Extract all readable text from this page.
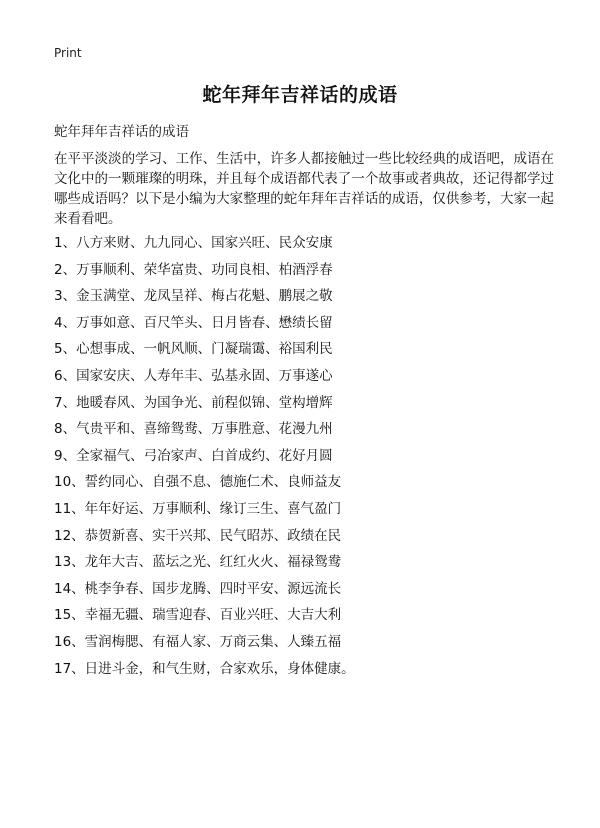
Print
蛇年拜年吉祥话的成语

蛇年拜年吉祥话的成语

在平平淡淡的学习、工作、生活中，许多人都接触过一些比较经典的成语吧，成语在文化中的一颗璀璨的明珠，并且每个成语都代表了一个故事或者典故，还记得都学过哪些成语吗？以下是小编为大家整理的蛇年拜年吉祥话的成语，仅供参考，大家一起来看看吧。

1、八方来财、九九同心、国家兴旺、民众安康
2、万事顺利、荣华富贵、功同良相、柏酒浮春
3、金玉满堂、龙凤呈祥、梅占花魁、鹏展之敬
4、万事如意、百尺竿头、日月皆春、懋绩长留
5、心想事成、一帆风顺、门凝瑞霭、裕国利民
6、国家安庆、人寿年丰、弘基永固、万事遂心
7、地暖春风、为国争光、前程似锦、堂构增辉
8、气贵平和、喜缔鸳鸯、万事胜意、花漫九州
9、全家福气、弓冶家声、白首成约、花好月圆
10、誓约同心、自强不息、德施仁术、良师益友
11、年年好运、万事顺利、缘订三生、喜气盈门
12、恭贺新喜、实干兴邦、民气昭苏、政绩在民
13、龙年大吉、蓝坛之光、红红火火、福禄鸳鸯
14、桃李争春、国步龙腾、四时平安、源远流长
15、幸福无疆、瑞雪迎春、百业兴旺、大吉大利
16、雪润梅腮、有福人家、万商云集、人臻五福
17、日进斗金，和气生财，合家欢乐，身体健康。
